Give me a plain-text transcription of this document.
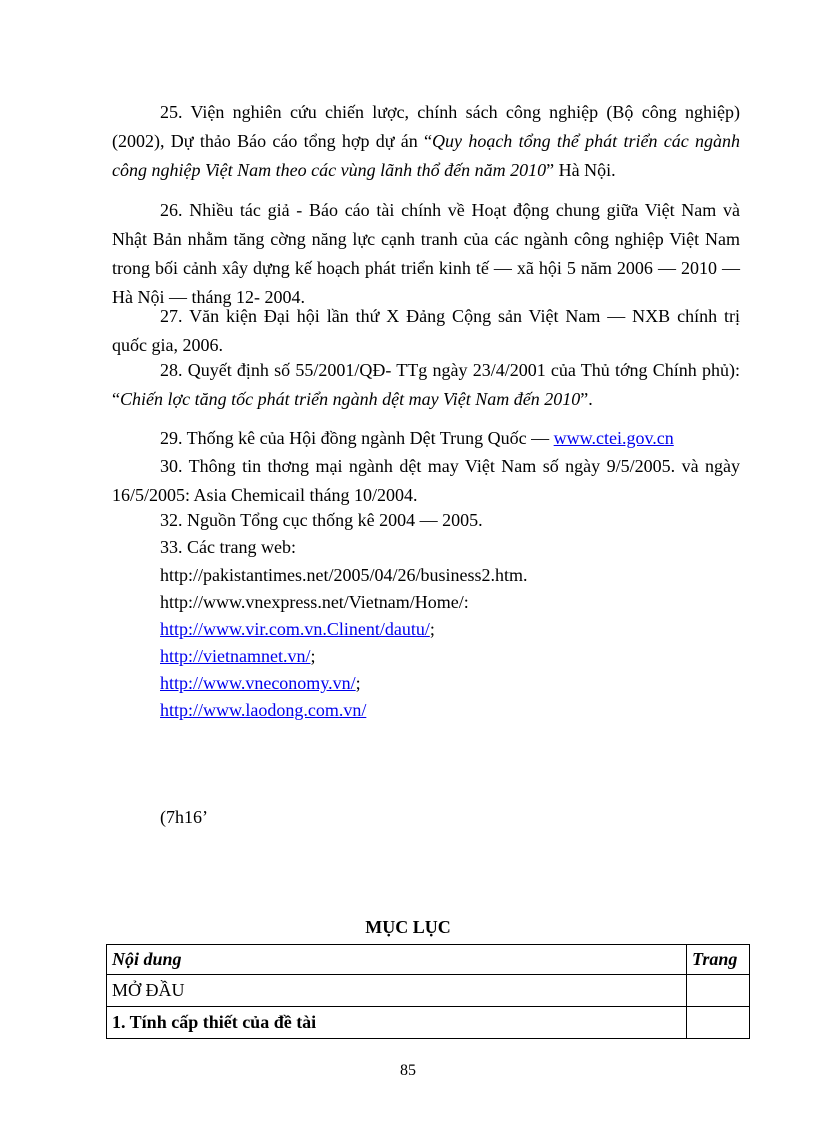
25. Viện nghiên cứu chiến lược, chính sách công nghiệp (Bộ công nghiệp) (2002), Dự thảo Báo cáo tổng hợp dự án “Quy hoạch tổng thể phát triển các ngành công nghiệp Việt Nam theo các vùng lãnh thổ đến năm 2010” Hà Nội.

26. Nhiều tác giả - Báo cáo tài chính về Hoạt động chung giữa Việt Nam và Nhật Bản nhằm tăng cờng năng lực cạnh tranh của các ngành công nghiệp Việt Nam trong bối cảnh xây dựng kế hoạch phát triển kinh tế — xã hội 5 năm 2006 — 2010 — Hà Nội — tháng 12- 2004.

27. Văn kiện Đại hội lần thứ X Đảng Cộng sản Việt Nam — NXB chính trị quốc gia, 2006.

28. Quyết định số 55/2001/QĐ- TTg ngày 23/4/2001 của Thủ tớng Chính phủ): “Chiến lợc tăng tốc phát triển ngành dệt may Việt Nam đến 2010”.

29. Thống kê của Hội đồng ngành Dệt Trung Quốc — www.ctei.gov.cn

30. Thông tin thơng mại ngành dệt may Việt Nam số ngày 9/5/2005. và ngày 16/5/2005: Asia Chemicail tháng 10/2004.

32. Nguồn Tổng cục thống kê 2004 — 2005.
33. Các trang web:
http://pakistantimes.net/2005/04/26/business2.htm.
http://www.vnexpress.net/Vietnam/Home/:
http://www.vir.com.vn.Clinent/dautu/;
http://vietnamnet.vn/;
http://www.vneconomy.vn/;
http://www.laodong.com.vn/
(7h16’
MỤC LỤC
Nội dung	Trang
MỞ ĐẦU	
1. Tính cấp thiết của đề tài	
85
